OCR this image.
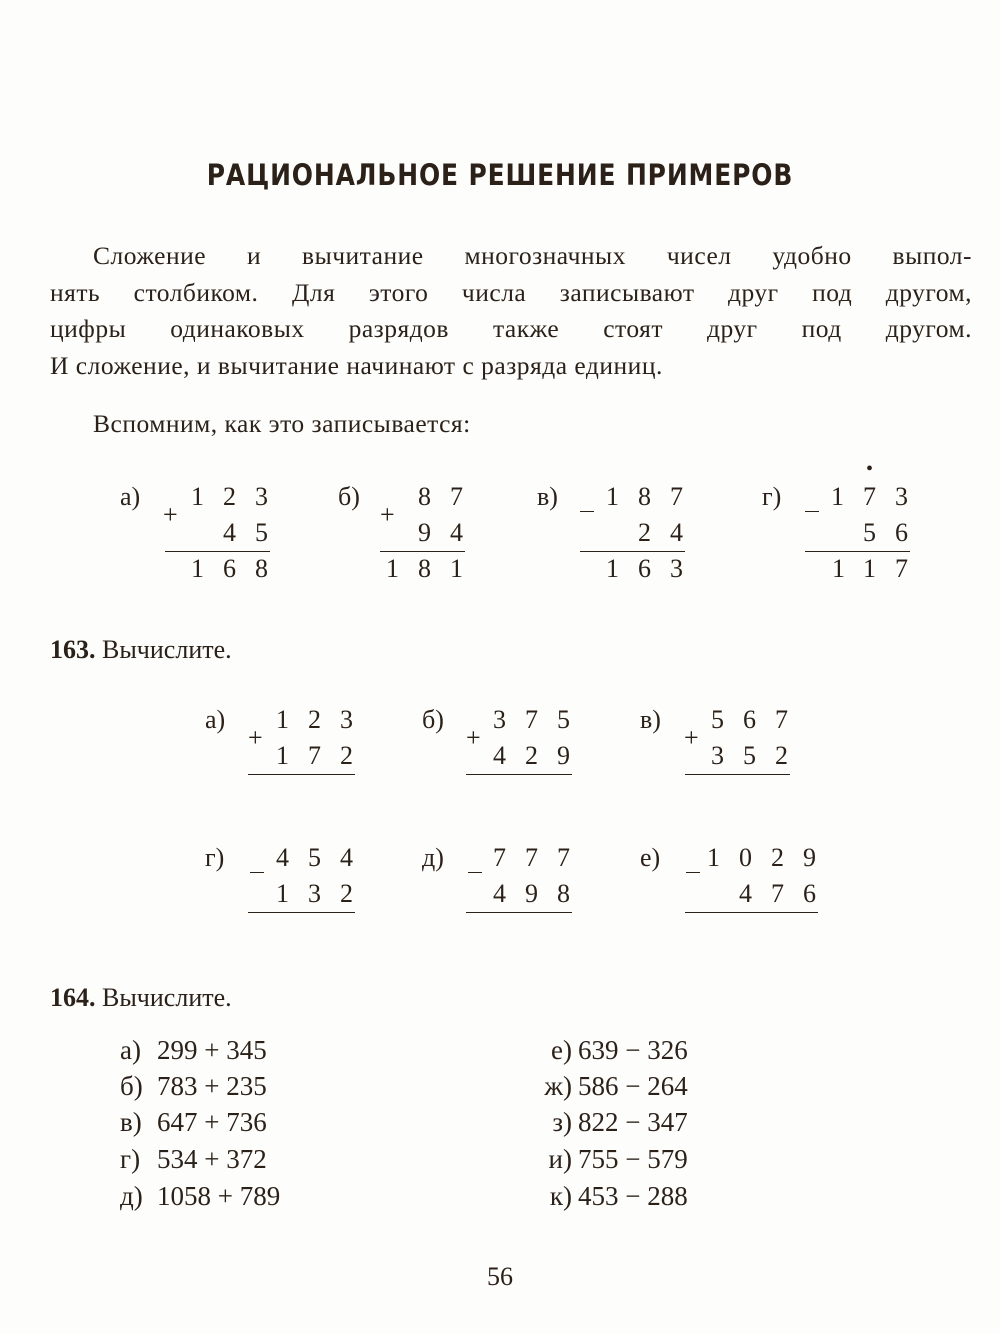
РАЦИОНАЛЬНОЕ РЕШЕНИЕ ПРИМЕРОВ
Сложение и вычитание многозначных чисел удобно выпол-
нять столбиком. Для этого числа записывают друг под другом,
цифры одинаковых разрядов также стоят друг под другом.
И сложение, и вычитание начинают с разряда единиц.
Вспомним, как это записывается:
а)
+
123
45
168
б)
+
87
94
181
в) 187
24
163
г) 173
56
117
•
163. Вычислите.
а)
+
123
172
б)
+
375
429
в)
+
567
352
г) 454
132
д) 777
498
е) 1029
476
164. Вычислите.
а) 299 + 345
б) 783 + 235
в) 647 + 736
г) 534 + 372
д) 1058 + 789
е) 639 − 326
ж) 586 − 264
з) 822 − 347
и) 755 − 579
к) 453 − 288
56
